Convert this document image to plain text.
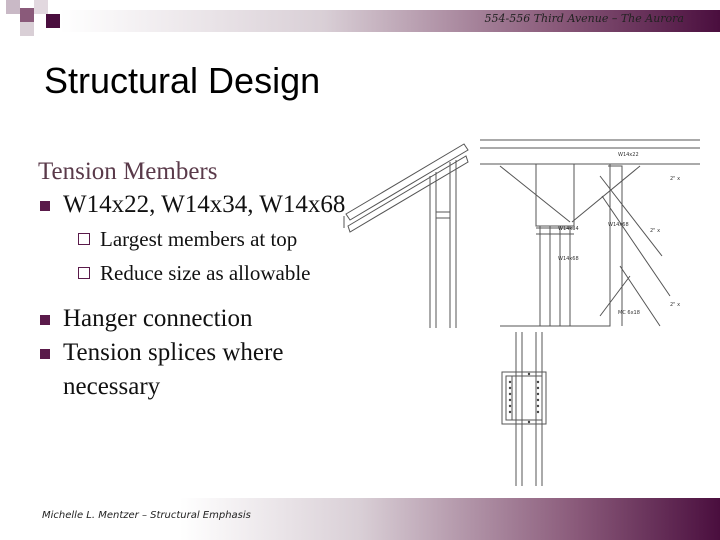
554-556 Third Avenue – The Aurora
Structural Design

Tension Members

W14x22, W14x34, W14x68
Largest members at top
Reduce size as allowable
Hanger connection
Tension splices where necessary
W14x22
W14x34
W14x68
2" x
2" x
2" x
MC 6x18
W14x68
Michelle L. Mentzer – Structural Emphasis
